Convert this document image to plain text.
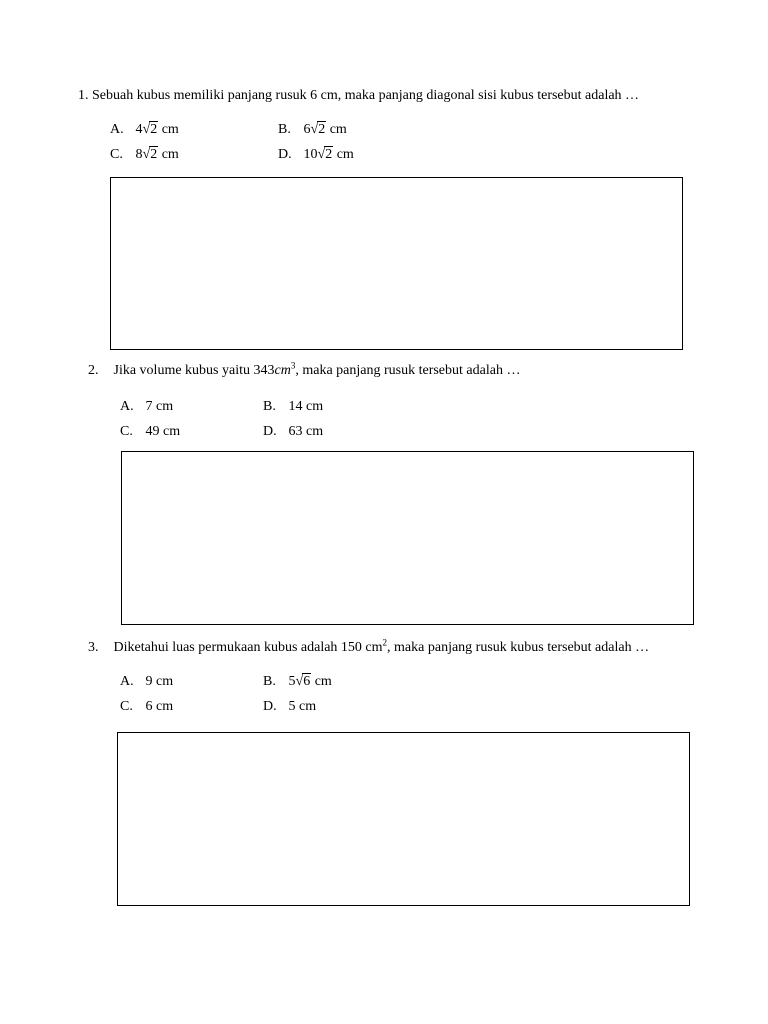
1. Sebuah kubus memiliki panjang rusuk 6 cm, maka panjang diagonal sisi kubus tersebut adalah …
A. 4√2 cm	B. 6√2 cm
C. 8√2 cm	D. 10√2 cm
2. Jika volume kubus yaitu $343cm^3$, maka panjang rusuk tersebut adalah …
A. 7 cm	B. 14 cm
C. 49 cm	D. 63 cm
3. Diketahui luas permukaan kubus adalah 150 $cm^2$, maka panjang rusuk kubus tersebut adalah …
A. 9 cm	B. 5√6 cm
C. 6 cm	D. 5 cm
